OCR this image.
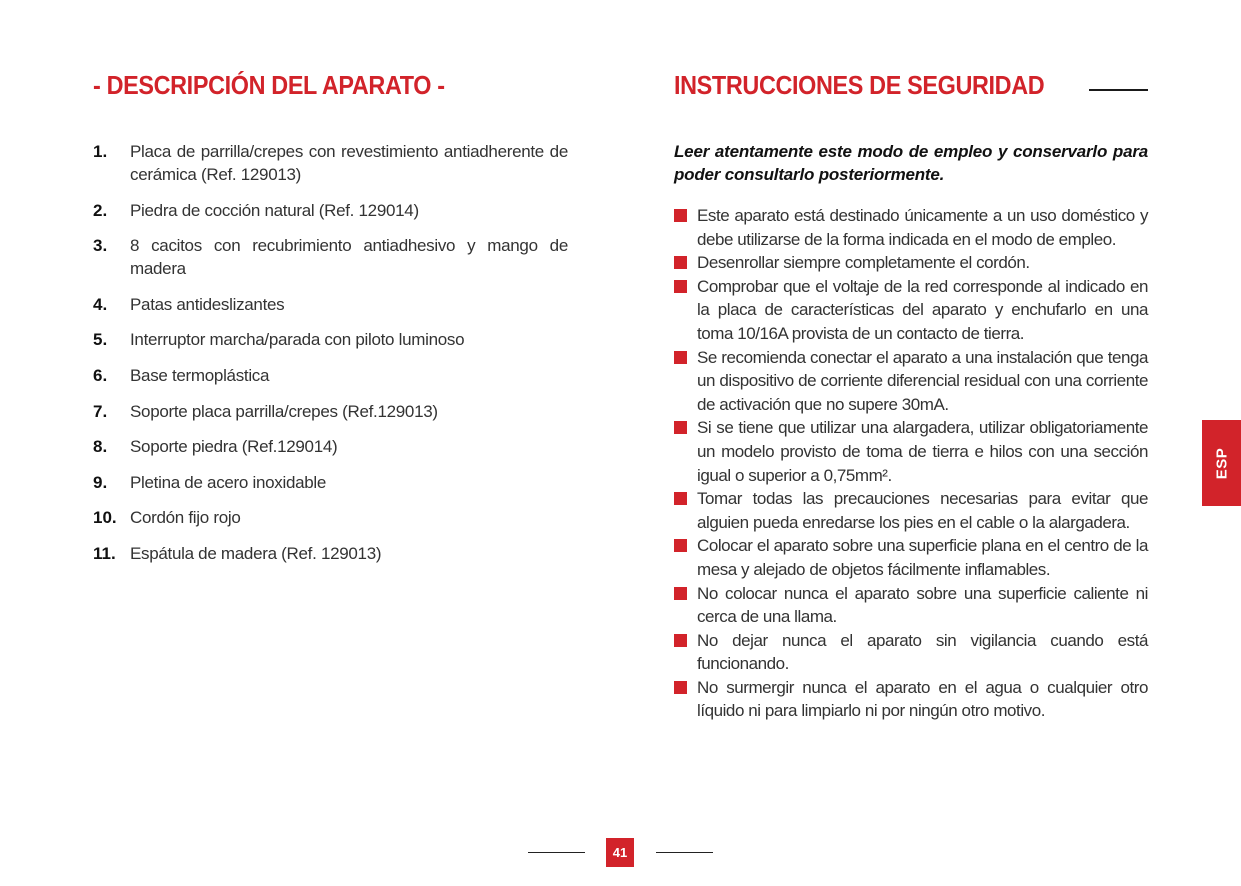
- DESCRIPCIÓN DEL APARATO -
1.	Placa de parrilla/crepes con revestimiento antiadherente de cerámica (Ref. 129013)
2.	Piedra de cocción natural (Ref. 129014)
3.	8 cacitos con recubrimiento antiadhesivo y mango de madera
4.	Patas antideslizantes
5.	Interruptor marcha/parada con piloto luminoso
6.	Base termoplástica
7.	Soporte placa parrilla/crepes (Ref.129013)
8.	Soporte piedra (Ref.129014)
9.	Pletina de acero inoxidable
10. Cordón fijo rojo
11. Espátula de madera (Ref. 129013)
INSTRUCCIONES DE SEGURIDAD

Leer atentamente este modo de empleo y conservarlo para poder consultarlo posteriormente.

Este aparato está destinado únicamente a un uso doméstico y debe utilizarse de la forma indicada en el modo de empleo.
Desenrollar siempre completamente el cordón.
Comprobar que el voltaje de la red corresponde al indicado en la placa de características del aparato y enchufarlo en una toma 10/16A provista de un contacto de tierra.
Se recomienda conectar el aparato a una instalación que tenga un dispositivo de corriente diferencial residual con una corriente de activación que no supere 30mA.
Si se tiene que utilizar una alargadera, utilizar obligatoriamente un modelo provisto de toma de tierra e hilos con una sección igual o superior a 0,75mm².
Tomar todas las precauciones necesarias para evitar que alguien pueda enredarse los pies en el cable o la alargadera.
Colocar el aparato sobre una superficie plana en el centro de la mesa y alejado de objetos fácilmente inflamables.
No colocar nunca el aparato sobre una superficie caliente ni cerca de una llama.
No dejar nunca el aparato sin vigilancia cuando está funcionando.
No surmergir nunca el aparato en el agua o cualquier otro líquido ni para limpiarlo ni por ningún otro motivo.
ESP
41
